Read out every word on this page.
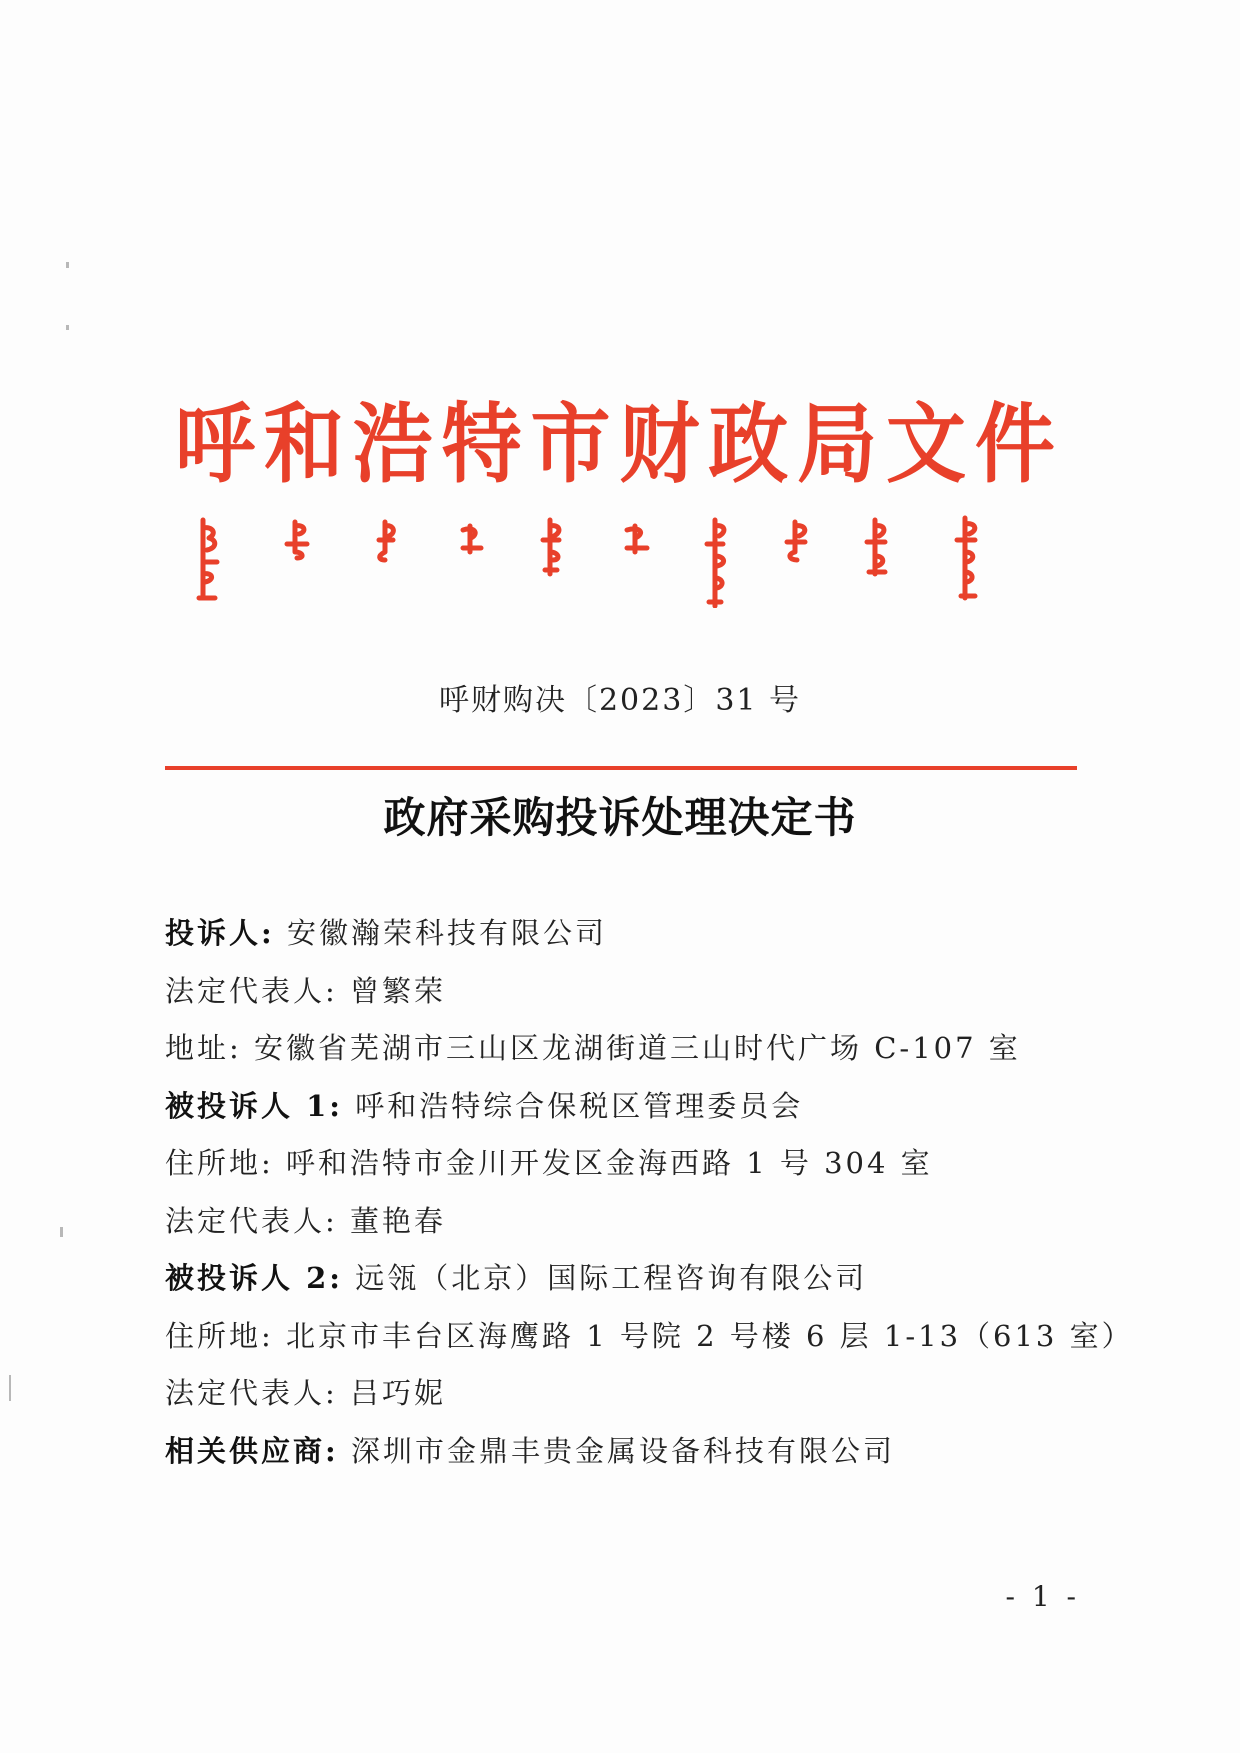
呼 和 浩 特 市 财 政 局 文 件
呼财购决〔2023〕31 号
政府采购投诉处理决定书
投诉人: 安徽瀚荣科技有限公司
法定代表人: 曾繁荣
地址: 安徽省芜湖市三山区龙湖街道三山时代广场 C-107 室
被投诉人 1: 呼和浩特综合保税区管理委员会
住所地: 呼和浩特市金川开发区金海西路 1 号 304 室
法定代表人: 董艳春
被投诉人 2: 远瓴（北京）国际工程咨询有限公司
住所地: 北京市丰台区海鹰路 1 号院 2 号楼 6 层 1-13（613 室）
法定代表人: 吕巧妮
相关供应商: 深圳市金鼎丰贵金属设备科技有限公司
- 1 -
